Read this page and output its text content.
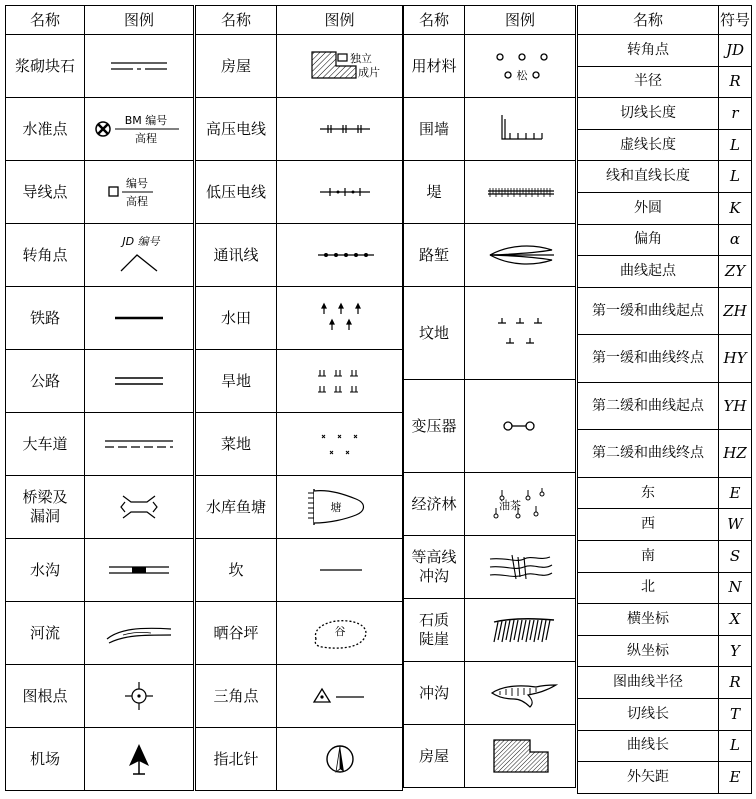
名称	图例
浆砌块石	

水准点	BM 编号
高程

导线点	编号
高程

转角点	JD 编号

铁路	

公路	

大车道	

桥梁及
漏洞	

水沟	

河流	

图根点	

机场	
名称	图例
房屋	独立
成片

高压电线	

低压电线	

通讯线	

水田	

旱地	

菜地	

水库鱼塘	塘

坎	

晒谷坪	谷

三角点	

指北针	
名称	图例
用材料	松

围墙	

堤	

路堑	

坟地	

变压器	

经济林	油茶

等高线
冲沟	

石质
陡崖	

冲沟	

房屋	
名称	符号
转角点	JD
半径	R
切线长度	r
虚线长度	L
线和直线长度	L
外圆	K
偏角	α
曲线起点	ZY
第一缓和曲线起点	ZH
第一缓和曲线终点	HY
第二缓和曲线起点	YH
第二缓和曲线终点	HZ
东	E
西	W
南	S
北	N
横坐标	X
纵坐标	Y
图曲线半径	R
切线长	T
曲线长	L
外矢距	E
